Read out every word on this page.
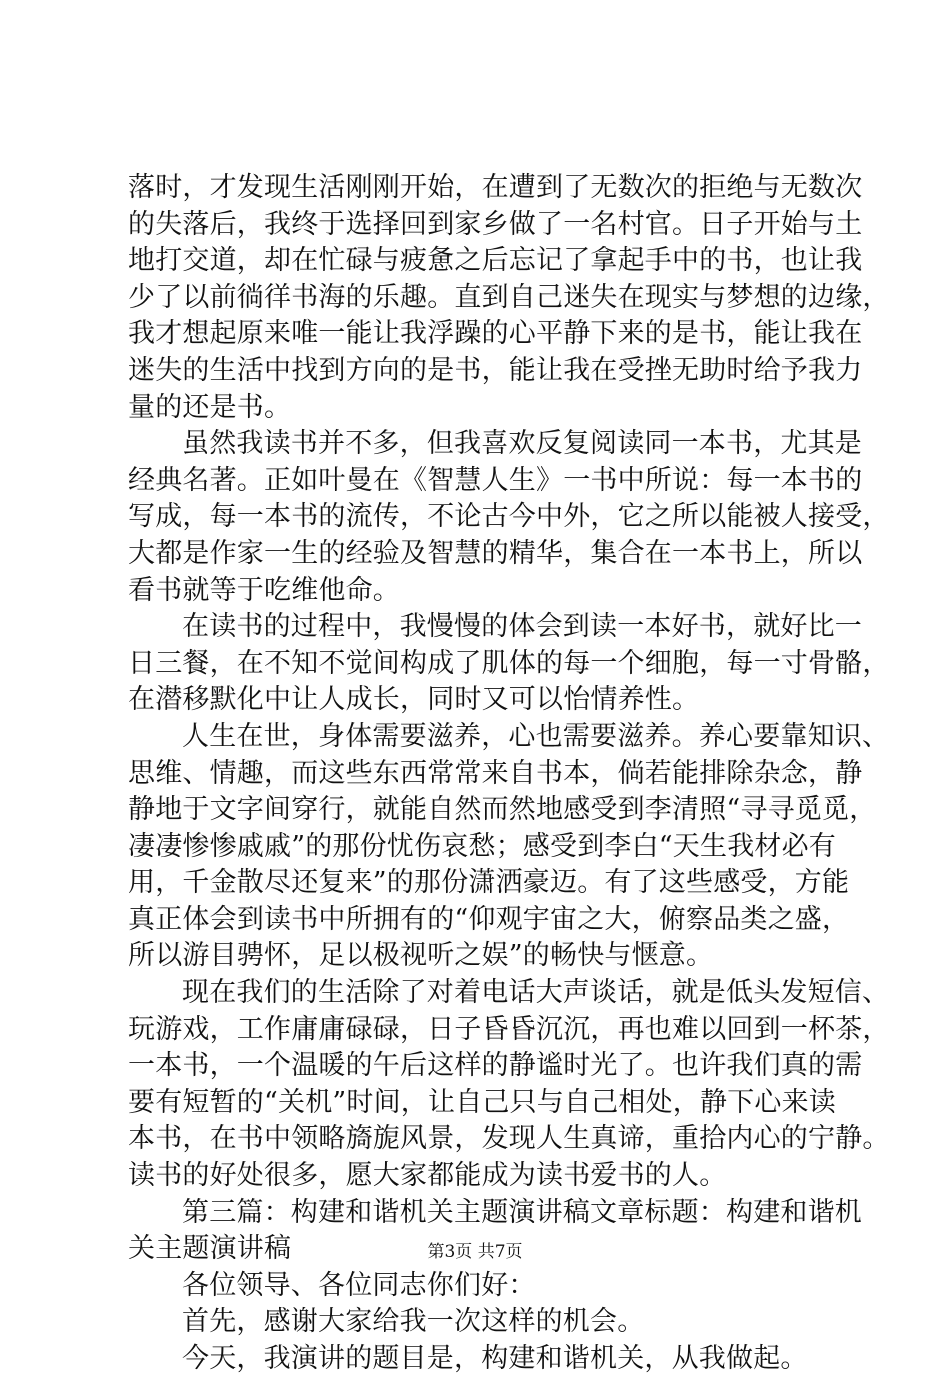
落时，才发现生活刚刚开始，在遭到了无数次的拒绝与无数次
的失落后，我终于选择回到家乡做了一名村官。日子开始与土
地打交道，却在忙碌与疲惫之后忘记了拿起手中的书，也让我
少了以前徜徉书海的乐趣。直到自己迷失在现实与梦想的边缘，
我才想起原来唯一能让我浮躁的心平静下来的是书，能让我在
迷失的生活中找到方向的是书，能让我在受挫无助时给予我力
量的还是书。
虽然我读书并不多，但我喜欢反复阅读同一本书，尤其是
经典名著。正如叶曼在《智慧人生》一书中所说：每一本书的
写成，每一本书的流传，不论古今中外，它之所以能被人接受，
大都是作家一生的经验及智慧的精华，集合在一本书上，所以
看书就等于吃维他命。
在读书的过程中，我慢慢的体会到读一本好书，就好比一
日三餐，在不知不觉间构成了肌体的每一个细胞，每一寸骨骼，
在潜移默化中让人成长，同时又可以怡情养性。
人生在世，身体需要滋养，心也需要滋养。养心要靠知识、
思维、情趣，而这些东西常常来自书本，倘若能排除杂念，静
静地于文字间穿行，就能自然而然地感受到李清照“寻寻觅觅，
凄凄惨惨戚戚”的那份忧伤哀愁；感受到李白“天生我材必有
用，千金散尽还复来”的那份潇洒豪迈。有了这些感受，方能
真正体会到读书中所拥有的“仰观宇宙之大，俯察品类之盛，
所以游目骋怀，足以极视听之娱”的畅快与惬意。
现在我们的生活除了对着电话大声谈话，就是低头发短信、
玩游戏，工作庸庸碌碌，日子昏昏沉沉，再也难以回到一杯茶，
一本书，一个温暖的午后这样的静谧时光了。也许我们真的需
要有短暂的“关机”时间，让自己只与自己相处，静下心来读
本书，在书中领略旖旎风景，发现人生真谛，重拾内心的宁静。
读书的好处很多，愿大家都能成为读书爱书的人。
第三篇：构建和谐机关主题演讲稿文章标题：构建和谐机
关主题演讲稿
各位领导、各位同志你们好：
首先，感谢大家给我一次这样的机会。
今天，我演讲的题目是，构建和谐机关，从我做起。
第3页 共7页
